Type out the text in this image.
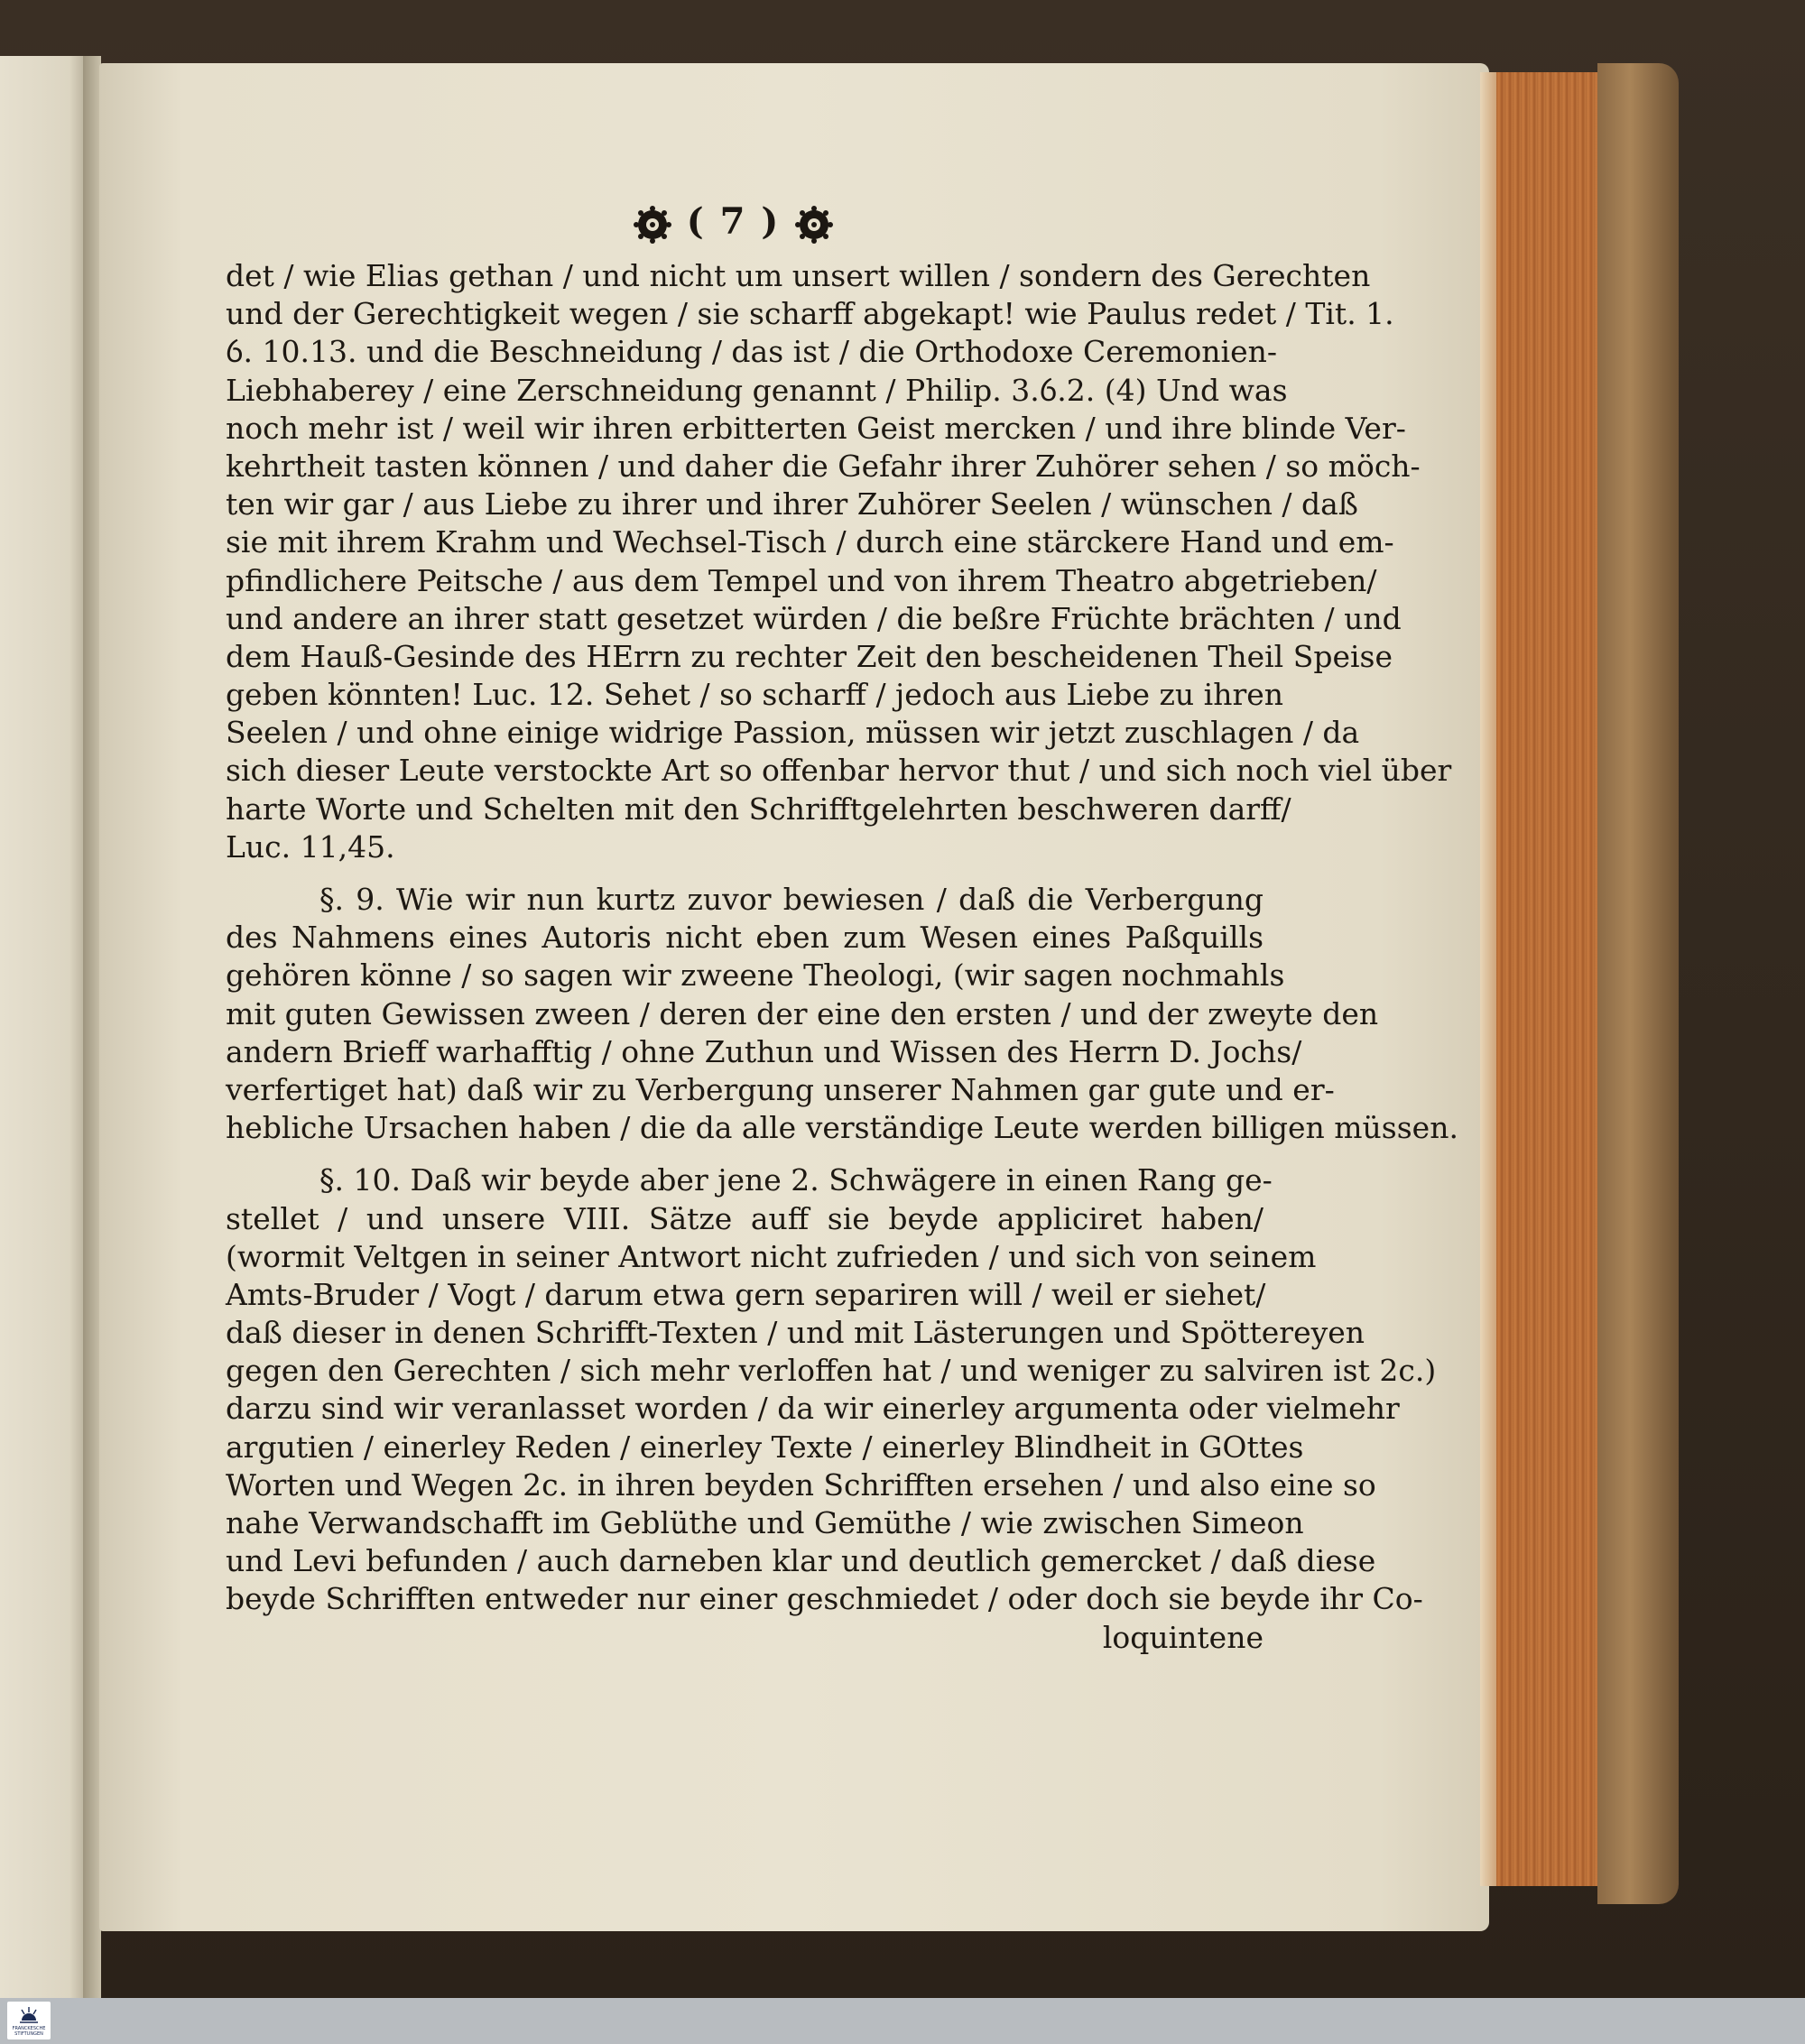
( 7 )
det / wie Elias gethan / und nicht um unsert willen / sondern des Gerechten
und der Gerechtigkeit wegen / sie scharff abgekapt! wie Paulus redet / Tit. 1.
ỽ. 10.13. und die Beschneidung / das ist / die Orthodoxe Ceremonien-
Liebhaberey / eine Zerschneidung genannt / Philip. 3.ỽ.2. (4) Und was
noch mehr ist / weil wir ihren erbitterten Geist mercken / und ihre blinde Ver-
kehrtheit tasten können / und daher die Gefahr ihrer Zuhörer sehen / so möch-
ten wir gar / aus Liebe zu ihrer und ihrer Zuhörer Seelen / wünschen / daß
sie mit ihrem Krahm und Wechsel-Tisch / durch eine stärckere Hand und em-
pfindlichere Peitsche / aus dem Tempel und von ihrem Theatro abgetrieben/
und andere an ihrer statt gesetzet würden / die beßre Früchte brächten / und
dem Hauß-Gesinde des HErrn zu rechter Zeit den bescheidenen Theil Speise
geben könnten! Luc. 12. Sehet / so scharff / jedoch aus Liebe zu ihren
Seelen / und ohne einige widrige Passion, müssen wir jetzt zuschlagen / da
sich dieser Leute verstockte Art so offenbar hervor thut / und sich noch viel über
harte Worte und Schelten mit den Schrifftgelehrten beschweren darff/
Luc. 11,45.
§. 9. Wie wir nun kurtz zuvor bewiesen / daß die Verbergung
des Nahmens eines Autoris nicht eben zum Wesen eines Paßquills
gehören könne / so sagen wir zweene Theologi, (wir sagen nochmahls
mit guten Gewissen zween / deren der eine den ersten / und der zweyte den
andern Brieff warhafftig / ohne Zuthun und Wissen des Herrn D. Jochs/
verfertiget hat) daß wir zu Verbergung unserer Nahmen gar gute und er-
hebliche Ursachen haben / die da alle verständige Leute werden billigen müssen.
§. 10. Daß wir beyde aber jene 2. Schwägere in einen Rang ge-
stellet / und unsere VIII. Sätze auff sie beyde appliciret haben/
(wormit Veltgen in seiner Antwort nicht zufrieden / und sich von seinem
Amts-Bruder / Vogt / darum etwa gern separiren will / weil er siehet/
daß dieser in denen Schrifft-Texten / und mit Lästerungen und Spöttereyen
gegen den Gerechten / sich mehr verloffen hat / und weniger zu salviren ist 2c.)
darzu sind wir veranlasset worden / da wir einerley argumenta oder vielmehr
argutien / einerley Reden / einerley Texte / einerley Blindheit in GOttes
Worten und Wegen 2c. in ihren beyden Schrifften ersehen / und also eine so
nahe Verwandschafft im Geblüthe und Gemüthe / wie zwischen Simeon
und Levi befunden / auch darneben klar und deutlich gemercket / daß diese
beyde Schrifften entweder nur einer geschmiedet / oder doch sie beyde ihr Co-
loquintene
FRANCKESCHE STIFTUNGEN
